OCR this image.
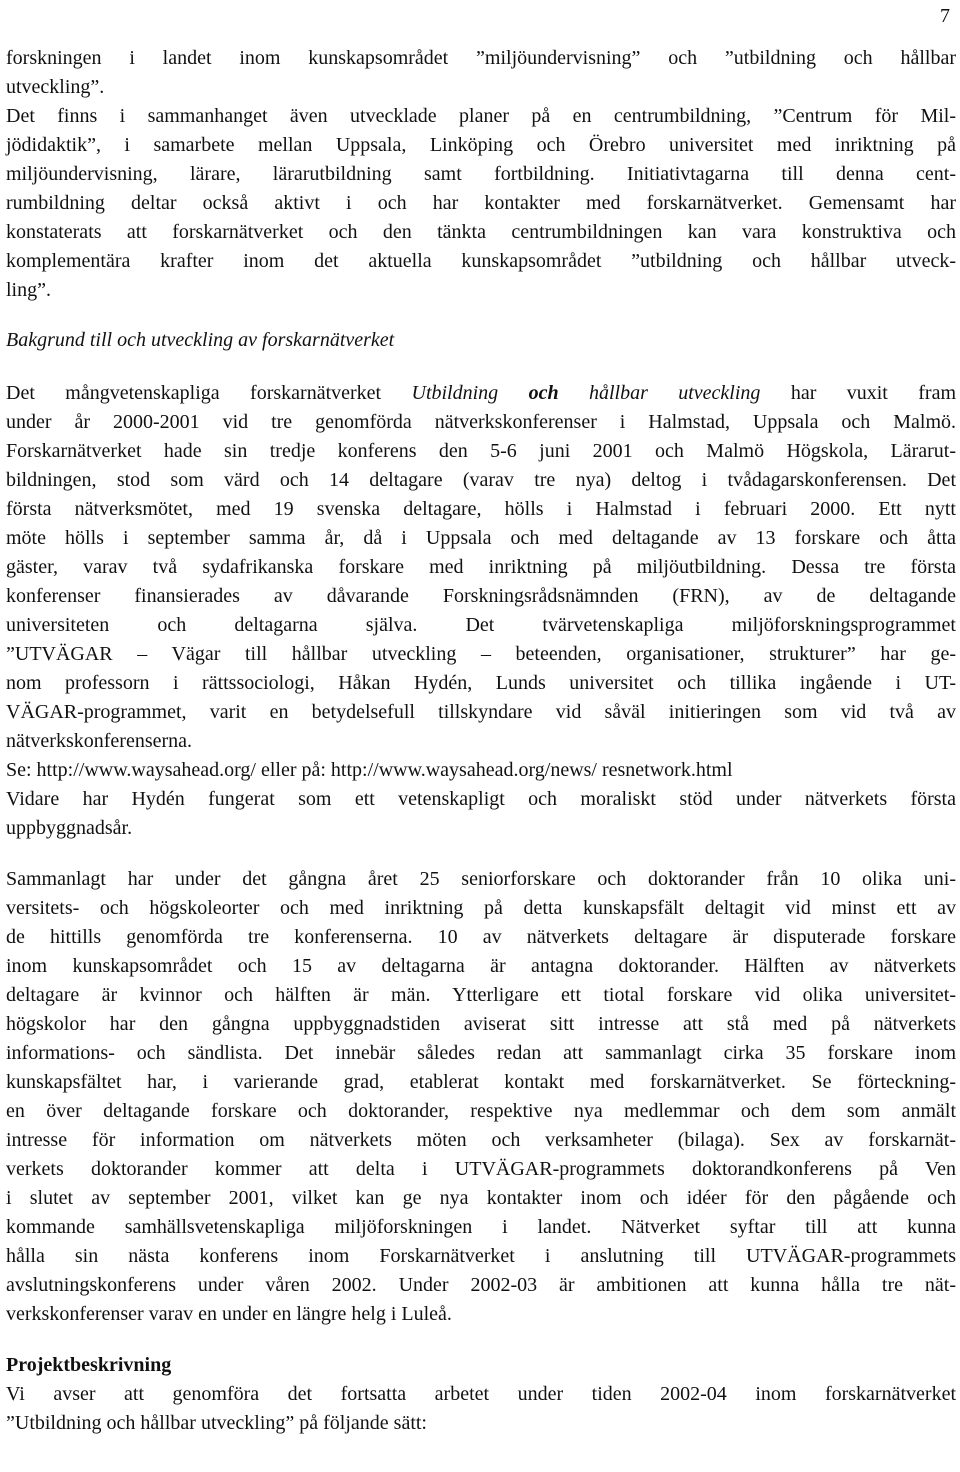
7
forskningen i landet inom kunskapsområdet ”miljöundervisning” och ”utbildning och hållbar
utveckling”.
Det finns i sammanhanget även utvecklade planer på en centrumbildning, ”Centrum för Mil-
jödidaktik”, i samarbete mellan Uppsala, Linköping och Örebro universitet med inriktning på
miljöundervisning, lärare, lärarutbildning samt fortbildning. Initiativtagarna till denna cent-
rumbildning deltar också aktivt i och har kontakter med forskarnätverket. Gemensamt har
konstaterats att forskarnätverket och den tänkta centrumbildningen kan vara konstruktiva och
komplementära krafter inom det aktuella kunskapsområdet ”utbildning och hållbar utveck-
ling”.
Bakgrund till och utveckling av forskarnätverket
Det mångvetenskapliga forskarnätverket Utbildning och hållbar utveckling har vuxit fram
under år 2000-2001 vid tre genomförda nätverkskonferenser i Halmstad, Uppsala och Malmö.
Forskarnätverket hade sin tredje konferens den 5-6 juni 2001 och Malmö Högskola, Lärarut-
bildningen, stod som värd och 14 deltagare (varav tre nya) deltog i tvådagarskonferensen. Det
första nätverksmötet, med 19 svenska deltagare, hölls i Halmstad i februari 2000. Ett nytt
möte hölls i september samma år, då i Uppsala och med deltagande av 13 forskare och åtta
gäster, varav två sydafrikanska forskare med inriktning på miljöutbildning. Dessa tre första
konferenser finansierades av dåvarande Forskningsrådsnämnden (FRN), av de deltagande
universiteten och deltagarna själva. Det tvärvetenskapliga miljöforskningsprogrammet
”UTVÄGAR – Vägar till hållbar utveckling – beteenden, organisationer, strukturer” har ge-
nom professorn i rättssociologi, Håkan Hydén, Lunds universitet och tillika ingående i UT-
VÄGAR-programmet, varit en betydelsefull tillskyndare vid såväl initieringen som vid två av
nätverkskonferenserna.
Se: http://www.waysahead.org/ eller på: http://www.waysahead.org/news/ resnetwork.html
Vidare har Hydén fungerat som ett vetenskapligt och moraliskt stöd under nätverkets första
uppbyggnadsår.
Sammanlagt har under det gångna året 25 seniorforskare och doktorander från 10 olika uni-
versitets- och högskoleorter och med inriktning på detta kunskapsfält deltagit vid minst ett av
de hittills genomförda tre konferenserna. 10 av nätverkets deltagare är disputerade forskare
inom kunskapsområdet och 15 av deltagarna är antagna doktorander. Hälften av nätverkets
deltagare är kvinnor och hälften är män. Ytterligare ett tiotal forskare vid olika universitet-
högskolor har den gångna uppbyggnadstiden aviserat sitt intresse att stå med på nätverkets
informations- och sändlista. Det innebär således redan att sammanlagt cirka 35 forskare inom
kunskapsfältet har, i varierande grad, etablerat kontakt med forskarnätverket. Se förteckning-
en över deltagande forskare och doktorander, respektive nya medlemmar och dem som anmält
intresse för information om nätverkets möten och verksamheter (bilaga). Sex av forskarnät-
verkets doktorander kommer att delta i UTVÄGAR-programmets doktorandkonferens på Ven
i slutet av september 2001, vilket kan ge nya kontakter inom och idéer för den pågående och
kommande samhällsvetenskapliga miljöforskningen i landet. Nätverket syftar till att kunna
hålla sin nästa konferens inom Forskarnätverket i anslutning till UTVÄGAR-programmets
avslutningskonferens under våren 2002. Under 2002-03 är ambitionen att kunna hålla tre nät-
verkskonferenser varav en under en längre helg i Luleå.
Projektbeskrivning
Vi avser att genomföra det fortsatta arbetet under tiden 2002-04 inom forskarnätverket
”Utbildning och hållbar utveckling” på följande sätt:
